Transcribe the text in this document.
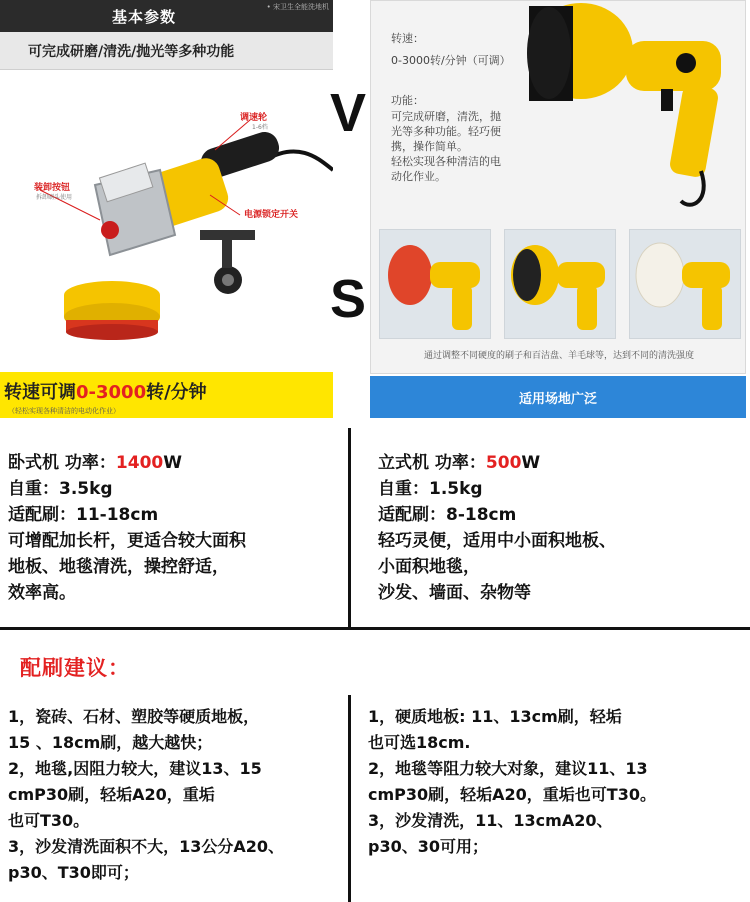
基本参数
• 宋卫生全能洗地机
可完成研磨/清洗/抛光等多种功能
调速轮
1-6档
装卸按钮
拆卸刷头使用
电源锁定开关
转速可调0-3000转/分钟
（轻松实现各种清洁的电动化作业）
V
S
转速：
0-3000转/分钟（可调）
功能：
可完成研磨，清洗，抛
光等多种功能。轻巧便
携，操作简单。
轻松实现各种清洁的电
动化作业。
通过调整不同硬度的刷子和百洁盘、羊毛球等，达到不同的清洗强度
适用场地广泛
卧式机 功率：1400W
自重：3.5kg
适配刷：11-18cm
可增配加长杆，更适合较大面积
地板、地毯清洗，操控舒适，
效率高。
立式机 功率：500W
自重：1.5kg
适配刷：8-18cm
轻巧灵便，适用中小面积地板、
小面积地毯，
沙发、墙面、杂物等
配刷建议：
1，瓷砖、石材、塑胶等硬质地板，
15 、18cm刷，越大越快；
2，地毯,因阻力较大，建议13、15
cmP30刷，轻垢A20，重垢
也可T30。
3，沙发清洗面积不大，13公分A20、
p30、T30即可；
1，硬质地板: 11、13cm刷，轻垢
也可选18cm.
2，地毯等阻力较大对象，建议11、13
cmP30刷，轻垢A20，重垢也可T30。
3，沙发清洗，11、13cmA20、
p30、30可用；
